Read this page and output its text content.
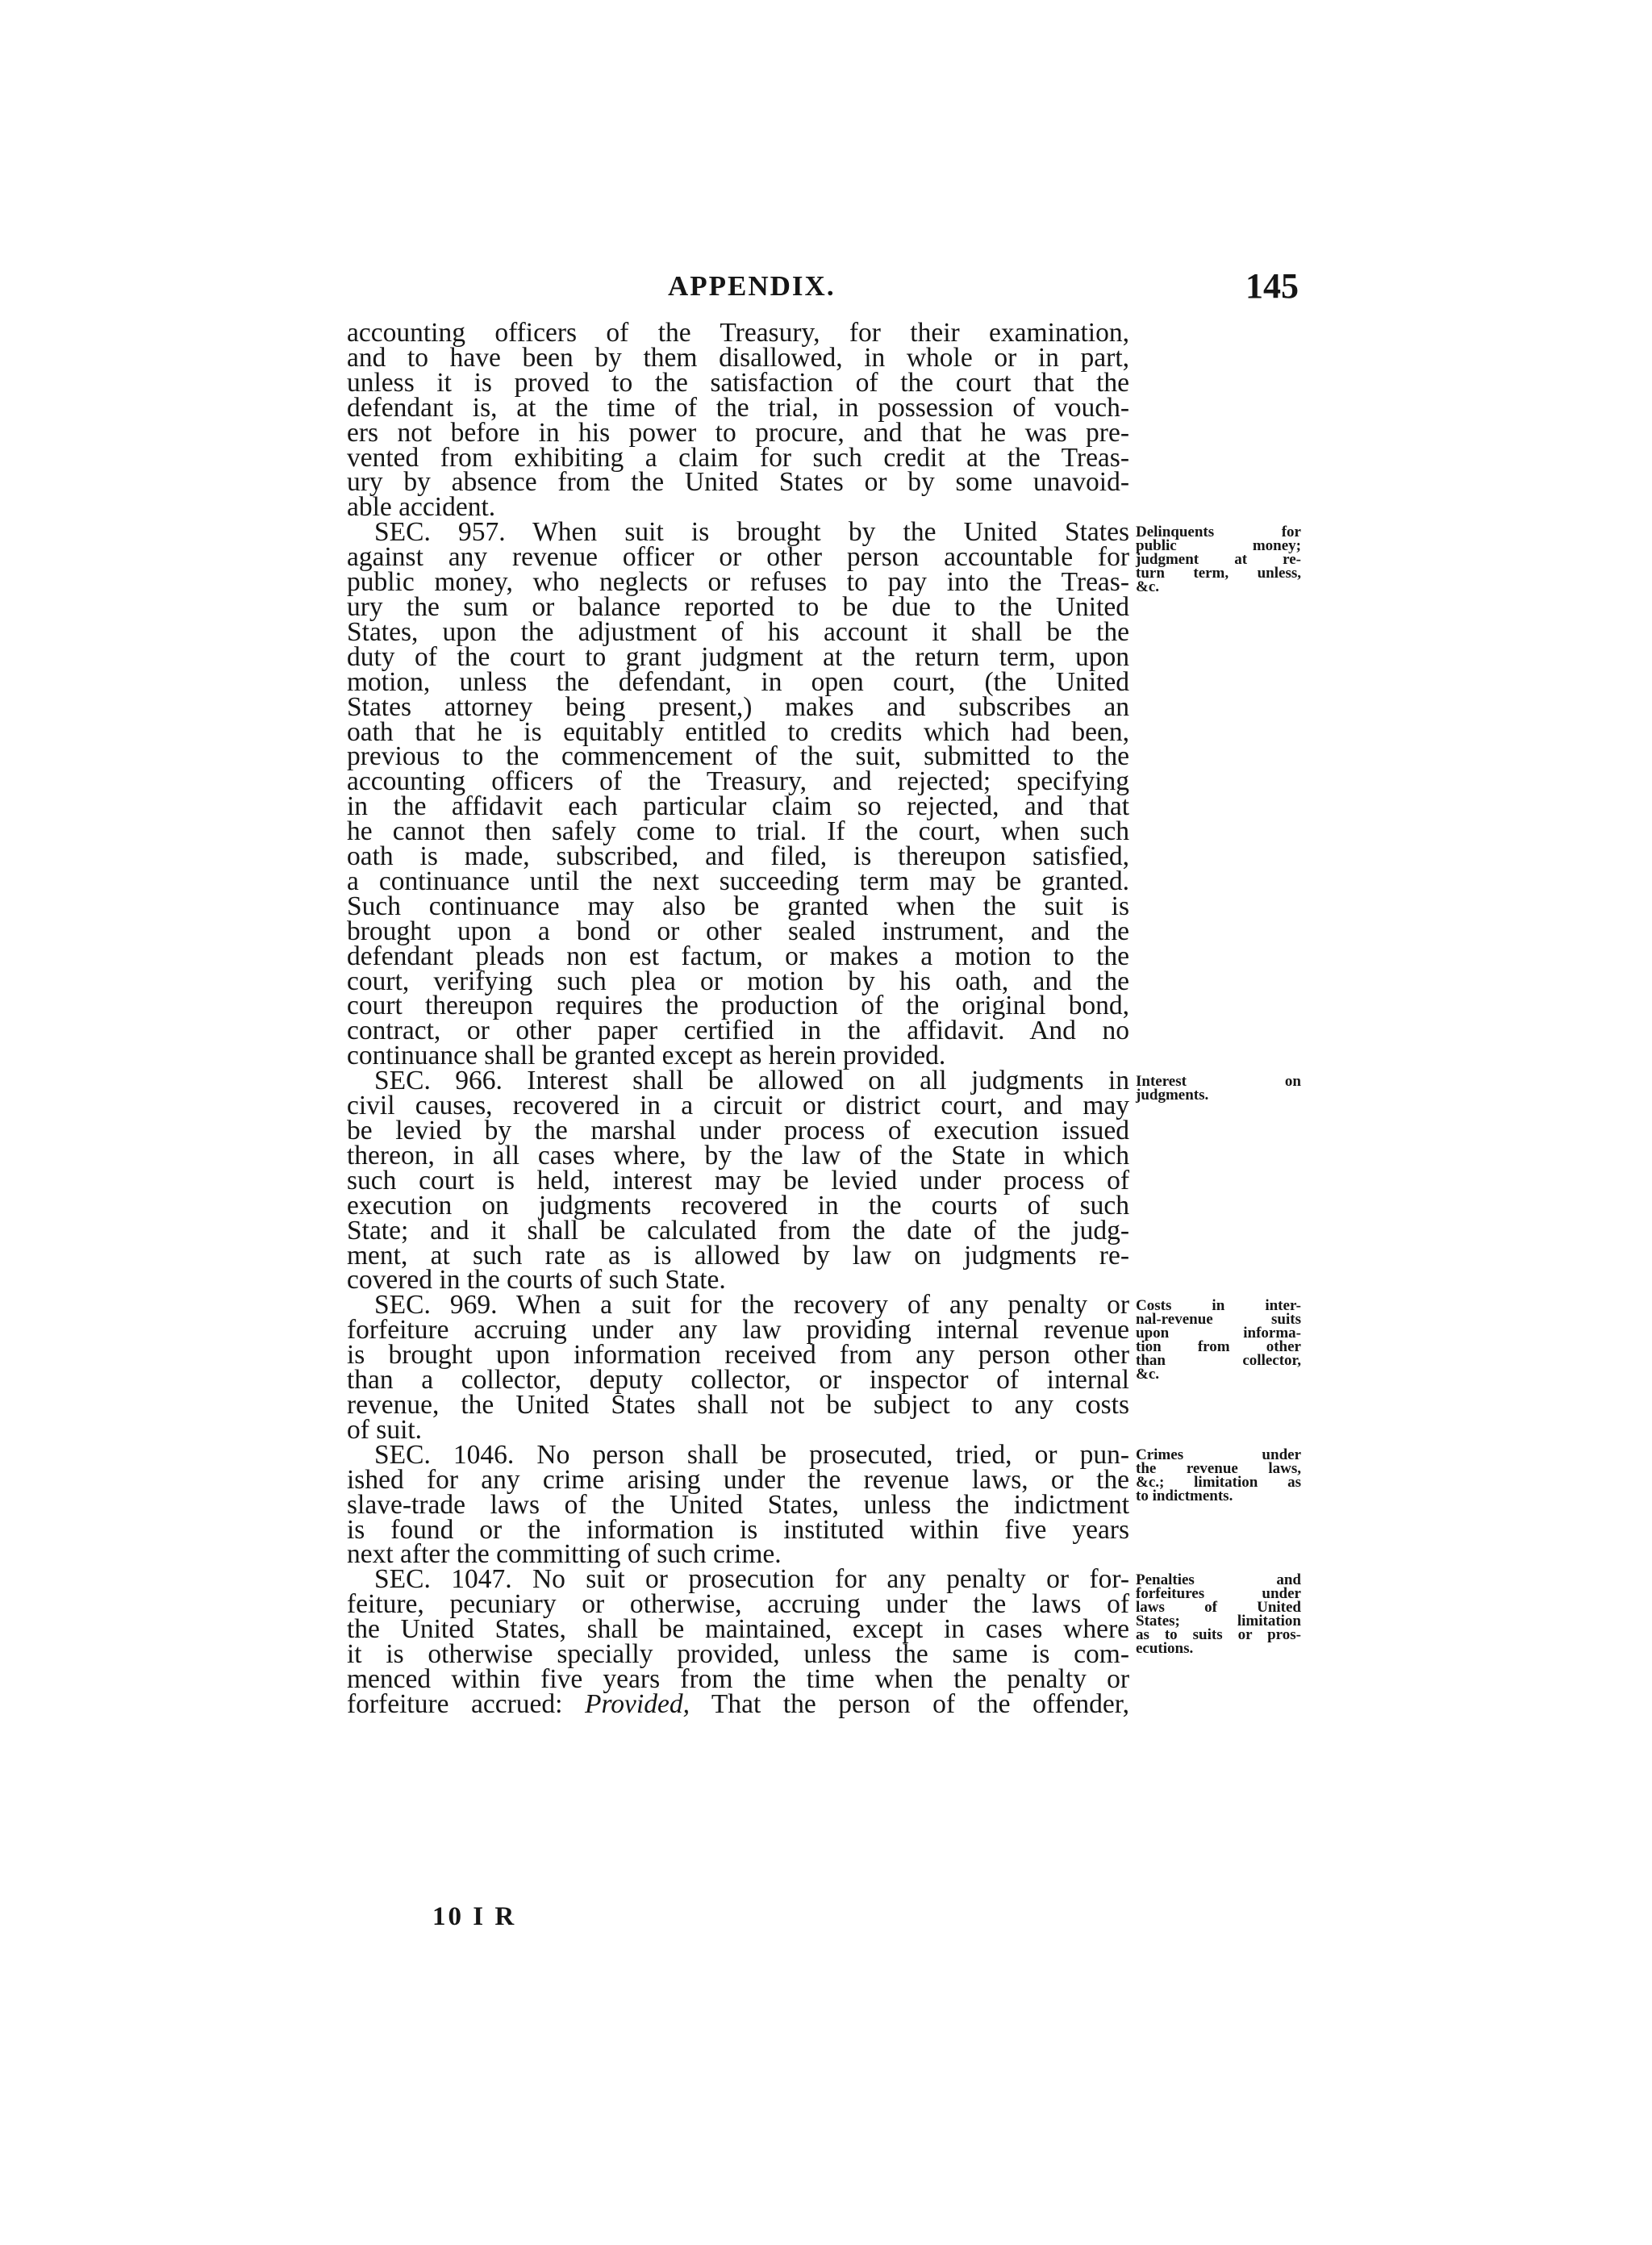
APPENDIX.	145
accounting officers of the Treasury, for their examination,
and to have been by them disallowed, in whole or in part,
unless it is proved to the satisfaction of the court that the
defendant is, at the time of the trial, in possession of vouch-
ers not before in his power to procure, and that he was pre-
vented from exhibiting a claim for such credit at the Treas-
ury by absence from the United States or by some unavoid-
able accident.
SEC. 957. When suit is brought by the United States
against any revenue officer or other person accountable for
public money, who neglects or refuses to pay into the Treas-
ury the sum or balance reported to be due to the United
States, upon the adjustment of his account it shall be the
duty of the court to grant judgment at the return term, upon
motion, unless the defendant, in open court, (the United
States attorney being present,) makes and subscribes an
oath that he is equitably entitled to credits which had been,
previous to the commencement of the suit, submitted to the
accounting officers of the Treasury, and rejected; specifying
in the affidavit each particular claim so rejected, and that
he cannot then safely come to trial. If the court, when such
oath is made, subscribed, and filed, is thereupon satisfied,
a continuance until the next succeeding term may be granted.
Such continuance may also be granted when the suit is
brought upon a bond or other sealed instrument, and the
defendant pleads non est factum, or makes a motion to the
court, verifying such plea or motion by his oath, and the
court thereupon requires the production of the original bond,
contract, or other paper certified in the affidavit. And no
continuance shall be granted except as herein provided.
SEC. 966. Interest shall be allowed on all judgments in
civil causes, recovered in a circuit or district court, and may
be levied by the marshal under process of execution issued
thereon, in all cases where, by the law of the State in which
such court is held, interest may be levied under process of
execution on judgments recovered in the courts of such
State; and it shall be calculated from the date of the judg-
ment, at such rate as is allowed by law on judgments re-
covered in the courts of such State.
SEC. 969. When a suit for the recovery of any penalty or
forfeiture accruing under any law providing internal revenue
is brought upon information received from any person other
than a collector, deputy collector, or inspector of internal
revenue, the United States shall not be subject to any costs
of suit.
SEC. 1046. No person shall be prosecuted, tried, or pun-
ished for any crime arising under the revenue laws, or the
slave-trade laws of the United States, unless the indictment
is found or the information is instituted within five years
next after the committing of such crime.
SEC. 1047. No suit or prosecution for any penalty or for-
feiture, pecuniary or otherwise, accruing under the laws of
the United States, shall be maintained, except in cases where
it is otherwise specially provided, unless the same is com-
menced within five years from the time when the penalty or
forfeiture accrued: Provided, That the person of the offender,
Delinquents for
public money;
judgment at re-
turn term, unless,
&c.
Interest on
judgments.
Costs in inter-
nal-revenue suits
upon informa-
tion from other
than collector,
&c.
Crimes under
the revenue laws,
&c.; limitation as
to indictments.
Penalties and
forfeitures under
laws of United
States; limitation
as to suits or pros-
ecutions.
10 I R
